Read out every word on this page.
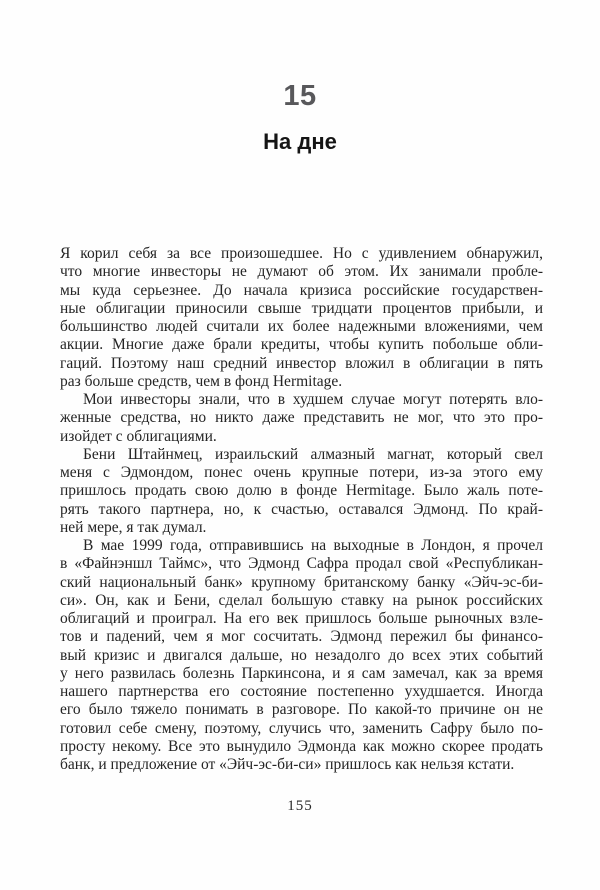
15
На дне
Я корил себя за все произошедшее. Но с удивлением обнаружил,
что многие инвесторы не думают об этом. Их занимали пробле-
мы куда серьезнее. До начала кризиса российские государствен-
ные облигации приносили свыше тридцати процентов прибыли, и
большинство людей считали их более надежными вложениями, чем
акции. Многие даже брали кредиты, чтобы купить побольше обли-
гаций. Поэтому наш средний инвестор вложил в облигации в пять
раз больше средств, чем в фонд Hermitage.
Мои инвесторы знали, что в худшем случае могут потерять вло-
женные средства, но никто даже представить не мог, что это про-
изойдет с облигациями.
Бени Штайнмец, израильский алмазный магнат, который свел
меня с Эдмондом, понес очень крупные потери, из-за этого ему
пришлось продать свою долю в фонде Hermitage. Было жаль поте-
рять такого партнера, но, к счастью, оставался Эдмонд. По край-
ней мере, я так думал.
В мае 1999 года, отправившись на выходные в Лондон, я прочел
в «Файнэншл Таймс», что Эдмонд Сафра продал свой «Республикан-
ский национальный банк» крупному британскому банку «Эйч-эс-би-
си». Он, как и Бени, сделал большую ставку на рынок российских
облигаций и проиграл. На его век пришлось больше рыночных взле-
тов и падений, чем я мог сосчитать. Эдмонд пережил бы финансо-
вый кризис и двигался дальше, но незадолго до всех этих событий
у него развилась болезнь Паркинсона, и я сам замечал, как за время
нашего партнерства его состояние постепенно ухудшается. Иногда
его было тяжело понимать в разговоре. По какой-то причине он не
готовил себе смену, поэтому, случись что, заменить Сафру было по-
просту некому. Все это вынудило Эдмонда как можно скорее продать
банк, и предложение от «Эйч-эс-би-си» пришлось как нельзя кстати.
155
